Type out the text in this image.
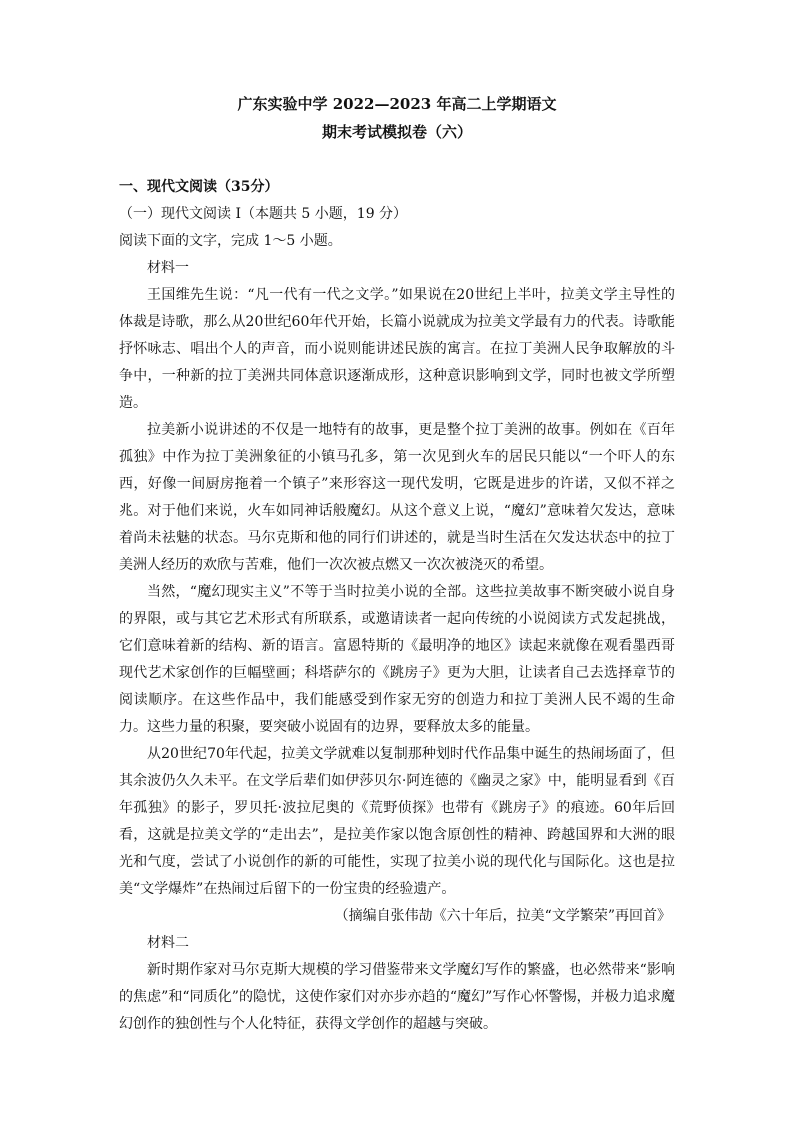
广东实验中学 2022—2023 年高二上学期语文
期末考试模拟卷（六）

一、现代文阅读（35分）

（一）现代文阅读 I（本题共 5 小题，19 分）

阅读下面的文字，完成 1～5 小题。

材料一

王国维先生说：“凡一代有一代之文学。”如果说在20世纪上半叶，拉美文学主导性的体裁是诗歌，那么从20世纪60年代开始，长篇小说就成为拉美文学最有力的代表。诗歌能抒怀咏志、唱出个人的声音，而小说则能讲述民族的寓言。在拉丁美洲人民争取解放的斗争中，一种新的拉丁美洲共同体意识逐渐成形，这种意识影响到文学，同时也被文学所塑造。

拉美新小说讲述的不仅是一地特有的故事，更是整个拉丁美洲的故事。例如在《百年孤独》中作为拉丁美洲象征的小镇马孔多，第一次见到火车的居民只能以“一个吓人的东西，好像一间厨房拖着一个镇子”来形容这一现代发明，它既是进步的许诺，又似不祥之兆。对于他们来说，火车如同神话般魔幻。从这个意义上说，“魔幻”意味着欠发达，意味着尚未祛魅的状态。马尔克斯和他的同行们讲述的，就是当时生活在欠发达状态中的拉丁美洲人经历的欢欣与苦难，他们一次次被点燃又一次次被浇灭的希望。

当然，“魔幻现实主义”不等于当时拉美小说的全部。这些拉美故事不断突破小说自身的界限，或与其它艺术形式有所联系，或邀请读者一起向传统的小说阅读方式发起挑战，它们意味着新的结构、新的语言。富恩特斯的《最明净的地区》读起来就像在观看墨西哥现代艺术家创作的巨幅壁画；科塔萨尔的《跳房子》更为大胆，让读者自己去选择章节的阅读顺序。在这些作品中，我们能感受到作家无穷的创造力和拉丁美洲人民不竭的生命力。这些力量的积聚，要突破小说固有的边界，要释放太多的能量。

从20世纪70年代起，拉美文学就难以复制那种划时代作品集中诞生的热闹场面了，但其余波仍久久未平。在文学后辈们如伊莎贝尔·阿连德的《幽灵之家》中，能明显看到《百年孤独》的影子，罗贝托·波拉尼奥的《荒野侦探》也带有《跳房子》的痕迹。60年后回看，这就是拉美文学的“走出去”，是拉美作家以饱含原创性的精神、跨越国界和大洲的眼光和气度，尝试了小说创作的新的可能性，实现了拉美小说的现代化与国际化。这也是拉美“文学爆炸”在热闹过后留下的一份宝贵的经验遗产。

（摘编自张伟劼《六十年后，拉美“文学繁荣”再回首》

材料二

新时期作家对马尔克斯大规模的学习借鉴带来文学魔幻写作的繁盛，也必然带来“影响的焦虑”和“同质化”的隐忧，这使作家们对亦步亦趋的“魔幻”写作心怀警惕，并极力追求魔幻创作的独创性与个人化特征，获得文学创作的超越与突破。
